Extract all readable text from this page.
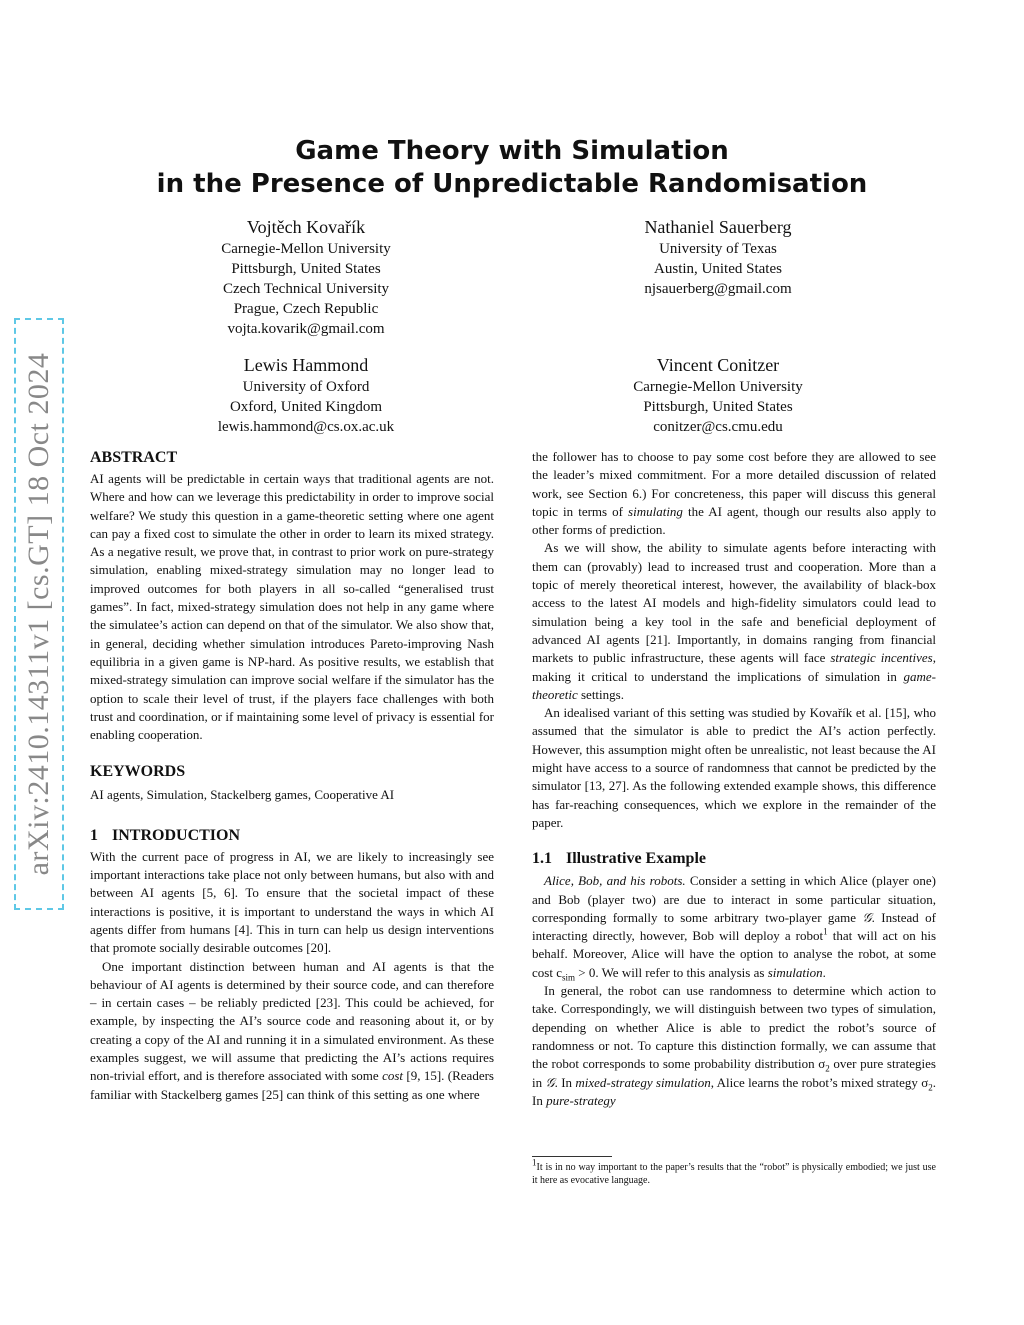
arXiv:2410.14311v1 [cs.GT] 18 Oct 2024
Game Theory with Simulation
in the Presence of Unpredictable Randomisation
Vojtěch Kovařík
Carnegie-Mellon University
Pittsburgh, United States
Czech Technical University
Prague, Czech Republic
vojta.kovarik@gmail.com
Nathaniel Sauerberg
University of Texas
Austin, United States
njsauerberg@gmail.com
Lewis Hammond
University of Oxford
Oxford, United Kingdom
lewis.hammond@cs.ox.ac.uk
Vincent Conitzer
Carnegie-Mellon University
Pittsburgh, United States
conitzer@cs.cmu.edu
ABSTRACT

AI agents will be predictable in certain ways that traditional agents are not. Where and how can we leverage this predictability in order to improve social welfare? We study this question in a game-theoretic setting where one agent can pay a fixed cost to simulate the other in order to learn its mixed strategy. As a negative result, we prove that, in contrast to prior work on pure-strategy simulation, enabling mixed-strategy simulation may no longer lead to improved outcomes for both players in all so-called “generalised trust games”. In fact, mixed-strategy simulation does not help in any game where the simulatee’s action can depend on that of the simulator. We also show that, in general, deciding whether simulation introduces Pareto-improving Nash equilibria in a given game is NP-hard. As positive results, we establish that mixed-strategy simulation can improve social welfare if the simulator has the option to scale their level of trust, if the players face challenges with both trust and coordination, or if maintaining some level of privacy is essential for enabling cooperation.

KEYWORDS

AI agents, Simulation, Stackelberg games, Cooperative AI

1 INTRODUCTION

With the current pace of progress in AI, we are likely to increasingly see important interactions take place not only between humans, but also with and between AI agents [5, 6]. To ensure that the societal impact of these interactions is positive, it is important to understand the ways in which AI agents differ from humans [4]. This in turn can help us design interventions that promote socially desirable outcomes [20].

One important distinction between human and AI agents is that the behaviour of AI agents is determined by their source code, and can therefore – in certain cases – be reliably predicted [23]. This could be achieved, for example, by inspecting the AI’s source code and reasoning about it, or by creating a copy of the AI and running it in a simulated environment. As these examples suggest, we will assume that predicting the AI’s actions requires non-trivial effort, and is therefore associated with some cost [9, 15]. (Readers familiar with Stackelberg games [25] can think of this setting as one where

the follower has to choose to pay some cost before they are allowed to see the leader’s mixed commitment. For a more detailed discussion of related work, see Section 6.) For concreteness, this paper will discuss this general topic in terms of simulating the AI agent, though our results also apply to other forms of prediction.

As we will show, the ability to simulate agents before interacting with them can (provably) lead to increased trust and cooperation. More than a topic of merely theoretical interest, however, the availability of black-box access to the latest AI models and high-fidelity simulators could lead to simulation being a key tool in the safe and beneficial deployment of advanced AI agents [21]. Importantly, in domains ranging from financial markets to public infrastructure, these agents will face strategic incentives, making it critical to understand the implications of simulation in game-theoretic settings.

An idealised variant of this setting was studied by Kovařík et al. [15], who assumed that the simulator is able to predict the AI’s action perfectly. However, this assumption might often be unrealistic, not least because the AI might have access to a source of randomness that cannot be predicted by the simulator [13, 27]. As the following extended example shows, this difference has far-reaching consequences, which we explore in the remainder of the paper.

1.1 Illustrative Example

Alice, Bob, and his robots. Consider a setting in which Alice (player one) and Bob (player two) are due to interact in some particular situation, corresponding formally to some arbitrary two-player game 𝒢. Instead of interacting directly, however, Bob will deploy a robot$^1$ that will act on his behalf. Moreover, Alice will have the option to analyse the robot, at some cost $c_{sim} > 0$. We will refer to this analysis as simulation.

In general, the robot can use randomness to determine which action to take. Correspondingly, we will distinguish between two types of simulation, depending on whether Alice is able to predict the robot’s source of randomness or not. To capture this distinction formally, we can assume that the robot corresponds to some probability distribution $\sigma_2$ over pure strategies in 𝒢. In mixed-strategy simulation, Alice learns the robot’s mixed strategy $\sigma_2$. In pure-strategy

$^1$It is in no way important to the paper’s results that the “robot” is physically embodied; we just use it here as evocative language.
